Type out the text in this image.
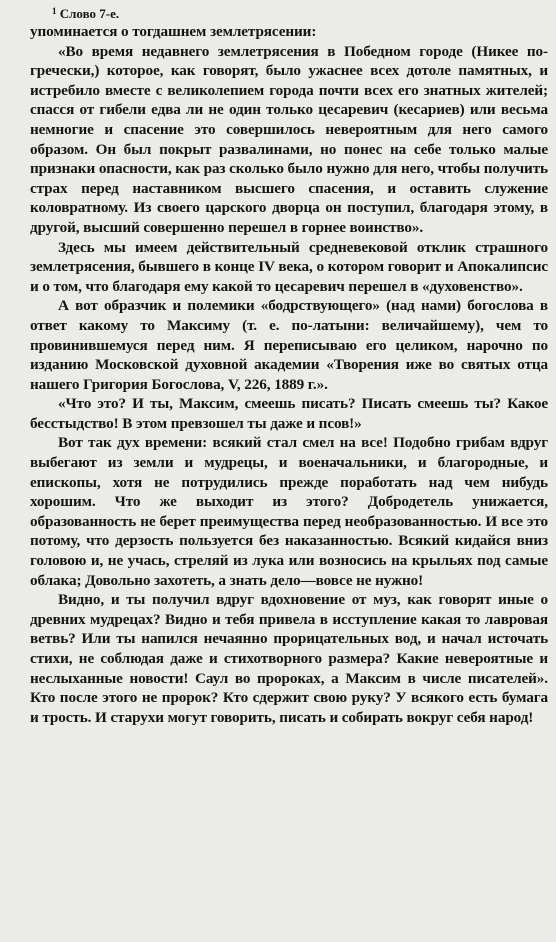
$^1$ Слово 7-е.

упоминается о тогдашнем землетрясении:

«Во время недавнего землетрясения в Победном городе (Никее по-гречески,) которое, как говорят, было ужаснее всех дотоле памятных, и истребило вместе с великолепием города почти всех его знатных жителей; спасся от гибели едва ли не один только цесаревич (кесариев) или весьма немногие и спасение это совершилось невероятным для него самого образом. Он был покрыт развалинами, но понес на себе только малые признаки опасности, как раз сколько было нужно для него, чтобы получить страх перед наставником высшего спасения, и оставить служение коловратному. Из своего царского дворца он поступил, благодаря этому, в другой, высший совершенно перешел в горнее воинство».

Здесь мы имеем действительный средневековой отклик страшного землетрясения, бывшего в конце IV века, о котором говорит и Апокалипсис и о том, что благодаря ему какой то цесаревич перешел в «духовенство».

А вот образчик и полемики «бодрствующего» (над нами) богослова в ответ какому то Максиму (т. е. по-латыни: величайшему), чем то провинившемуся перед ним. Я переписываю его целиком, нарочно по изданию Московской духовной академии «Творения иже во святых отца нашего Григория Богослова, V, 226, 1889 г.».

«Что это? И ты, Максим, смеешь писать? Писать смеешь ты? Какое бесстыдство! В этом превзошел ты даже и псов!»

Вот так дух времени: всякий стал смел на все! Подобно грибам вдруг выбегают из земли и мудрецы, и военачальники, и благородные, и епископы, хотя не потрудились прежде поработать над чем нибудь хорошим. Что же выходит из этого? Добродетель унижается, образованность не берет преимущества перед необразованностью. И все это потому, что дерзость пользуется без наказанностью. Всякий кидайся вниз головою и, не учась, стреляй из лука или возносись на крыльях под самые облака; Довольно захотеть, а знать дело—вовсе не нужно!

Видно, и ты получил вдруг вдохновение от муз, как говорят иные о древних мудрецах? Видно и тебя привела в исступление какая то лавровая ветвь? Или ты напился нечаянно прорицательных вод, и начал источать стихи, не соблюдая даже и стихотворного размера? Какие невероятные и неслыханные новости! Саул во пророках, а Максим в числе писателей». Кто после этого не пророк? Кто сдержит свою руку? У всякого есть бумага и трость. И старухи могут говорить, писать и собирать вокруг себя народ!
